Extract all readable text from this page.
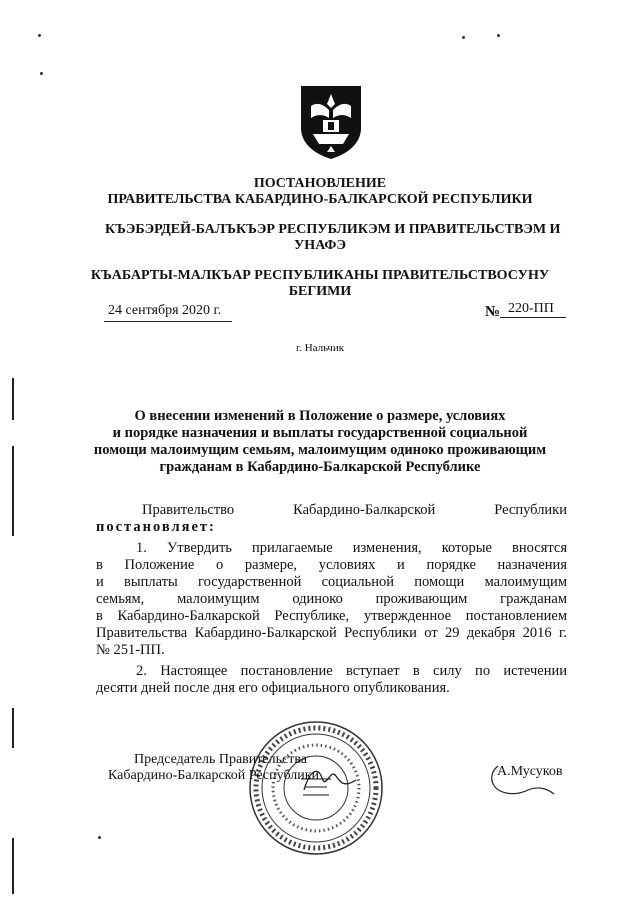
ПОСТАНОВЛЕНИЕ
ПРАВИТЕЛЬСТВА КАБАРДИНО-БАЛКАРСКОЙ РЕСПУБЛИКИ
КЪЭБЭРДЕЙ-БАЛЪКЪЭР РЕСПУБЛИКЭМ И ПРАВИТЕЛЬСТВЭМ И
УНАФЭ
КЪАБАРТЫ-МАЛКЪАР РЕСПУБЛИКАНЫ ПРАВИТЕЛЬСТВОСУНУ
БЕГИМИ
24 сентября 2020 г.	№ 220-ПП
г. Нальчик
О внесении изменений в Положение о размере, условиях
и порядке назначения и выплаты государственной социальной
помощи малоимущим семьям, малоимущим одиноко проживающим
гражданам в Кабардино-Балкарской Республике
Правительство	Кабардино-Балкарской	Республики
постановляет:
1. Утвердить прилагаемые изменения, которые вносятся
в Положение о размере, условиях и порядке назначения
и выплаты государственной социальной помощи малоимущим
семьям, малоимущим одиноко проживающим гражданам
в Кабардино-Балкарской Республике, утвержденное постановлением
Правительства Кабардино-Балкарской Республики от 29 декабря 2016 г.
№ 251-ПП.
2. Настоящее постановление вступает в силу по истечении
десяти дней после дня его официального опубликования.
Председатель Правительства
Кабардино-Балкарской Республики	А.Мусуков
